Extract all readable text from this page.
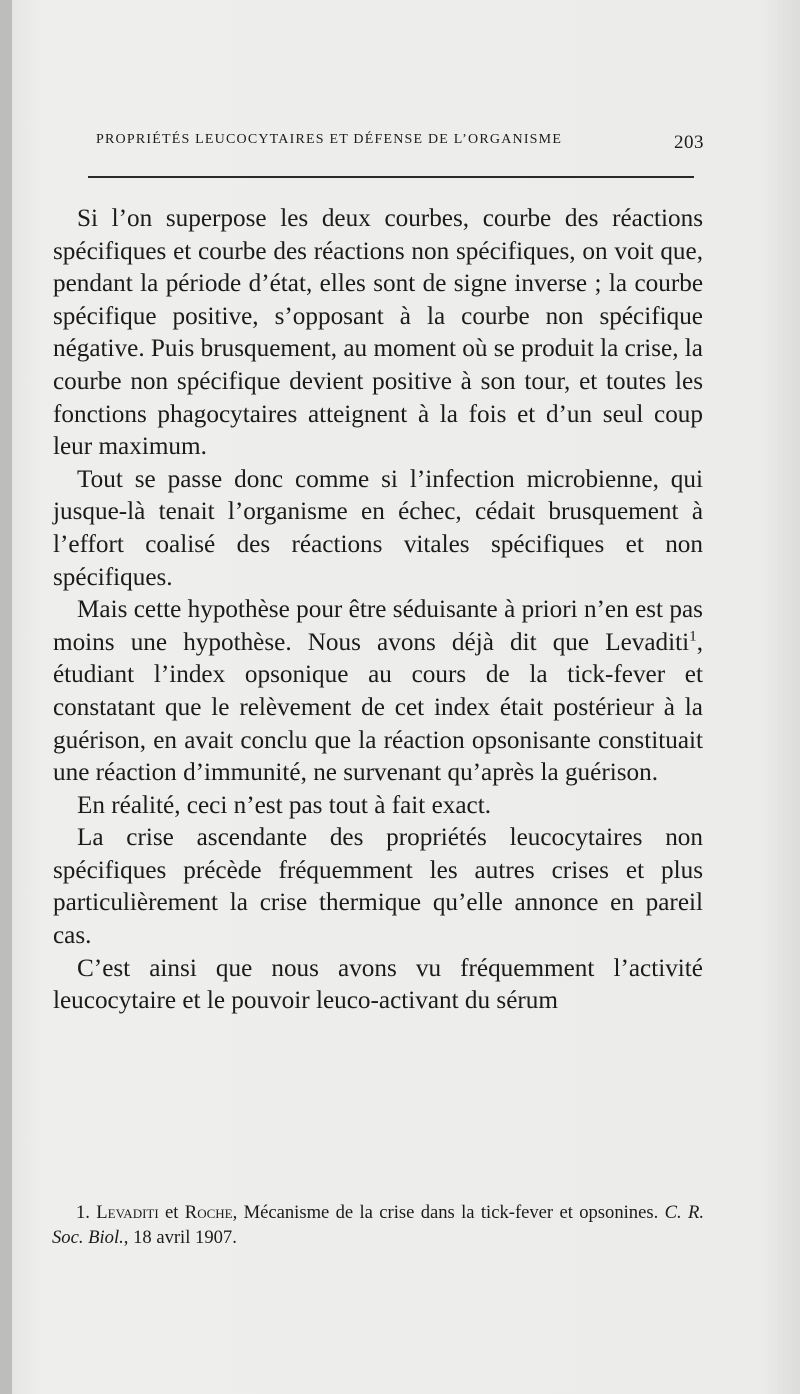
PROPRIÉTÉS LEUCOCYTAIRES ET DÉFENSE DE L’ORGANISME	203

Si l’on superpose les deux courbes, courbe des réactions spécifiques et courbe des réactions non spécifiques, on voit que, pendant la période d’état, elles sont de signe inverse ; la courbe spécifique positive, s’opposant à la courbe non spécifique négative. Puis brusquement, au moment où se produit la crise, la courbe non spécifique devient positive à son tour, et toutes les fonctions phagocytaires atteignent à la fois et d’un seul coup leur maximum.

Tout se passe donc comme si l’infection microbienne, qui jusque-là tenait l’organisme en échec, cédait brusquement à l’effort coalisé des réactions vitales spécifiques et non spécifiques.

Mais cette hypothèse pour être séduisante à priori n’en est pas moins une hypothèse. Nous avons déjà dit que Levaditi$^1$, étudiant l’index opsonique au cours de la tick-fever et constatant que le relèvement de cet index était postérieur à la guérison, en avait conclu que la réaction opsonisante constituait une réaction d’immunité, ne survenant qu’après la guérison.

En réalité, ceci n’est pas tout à fait exact.

La crise ascendante des propriétés leucocytaires non spécifiques précède fréquemment les autres crises et plus particulièrement la crise thermique qu’elle annonce en pareil cas.

C’est ainsi que nous avons vu fréquemment l’activité leucocytaire et le pouvoir leuco-activant du sérum

1. Levaditi et Roche, Mécanisme de la crise dans la tick-fever et opsonines. C. R. Soc. Biol., 18 avril 1907.
